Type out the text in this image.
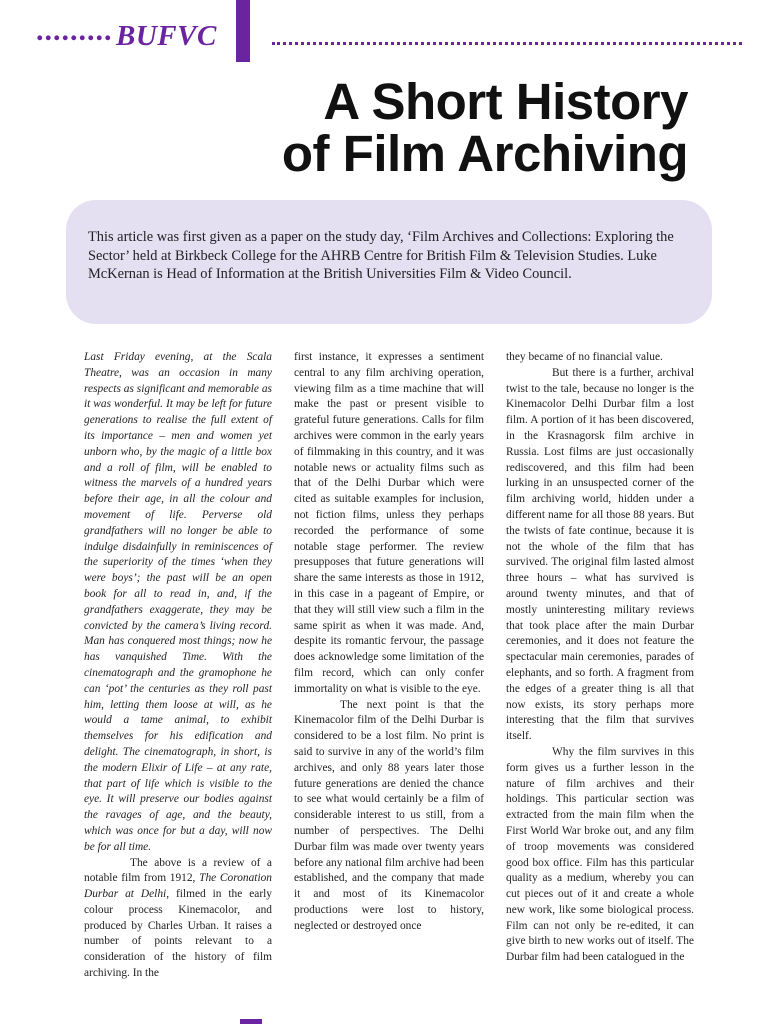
......... BUFVC
A Short History
of Film Archiving
This article was first given as a paper on the study day, ‘Film Archives and Collections: Exploring the Sector’ held at Birkbeck College for the AHRB Centre for British Film & Television Studies. Luke McKernan is Head of Information at the British Universities Film & Video Council.

Last Friday evening, at the Scala Theatre, was an occasion in many respects as significant and memorable as it was wonderful. It may be left for future generations to realise the full extent of its importance – men and women yet unborn who, by the magic of a little box and a roll of film, will be enabled to witness the marvels of a hundred years before their age, in all the colour and movement of life. Perverse old grandfathers will no longer be able to indulge disdainfully in reminiscences of the superiority of the times ‘when they were boys’; the past will be an open book for all to read in, and, if the grandfathers exaggerate, they may be convicted by the camera’s living record. Man has conquered most things; now he has vanquished Time. With the cinematograph and the gramophone he can ‘pot’ the centuries as they roll past him, letting them loose at will, as he would a tame animal, to exhibit themselves for his edification and delight. The cinematograph, in short, is the modern Elixir of Life – at any rate, that part of life which is visible to the eye. It will preserve our bodies against the ravages of age, and the beauty, which was once for but a day, will now be for all time.

The above is a review of a notable film from 1912, The Coronation Durbar at Delhi, filmed in the early colour process Kinemacolor, and produced by Charles Urban. It raises a number of points relevant to a consideration of the history of film archiving. In the

first instance, it expresses a sentiment central to any film archiving operation, viewing film as a time machine that will make the past or present visible to grateful future generations. Calls for film archives were common in the early years of filmmaking in this country, and it was notable news or actuality films such as that of the Delhi Durbar which were cited as suitable examples for inclusion, not fiction films, unless they perhaps recorded the performance of some notable stage performer. The review presupposes that future generations will share the same interests as those in 1912, in this case in a pageant of Empire, or that they will still view such a film in the same spirit as when it was made. And, despite its romantic fervour, the passage does acknowledge some limitation of the film record, which can only confer immortality on what is visible to the eye.

The next point is that the Kinemacolor film of the Delhi Durbar is considered to be a lost film. No print is said to survive in any of the world’s film archives, and only 88 years later those future generations are denied the chance to see what would certainly be a film of considerable interest to us still, from a number of perspectives. The Delhi Durbar film was made over twenty years before any national film archive had been established, and the company that made it and most of its Kinemacolor productions were lost to history, neglected or destroyed once

they became of no financial value.

But there is a further, archival twist to the tale, because no longer is the Kinemacolor Delhi Durbar film a lost film. A portion of it has been discovered, in the Krasnagorsk film archive in Russia. Lost films are just occasionally rediscovered, and this film had been lurking in an unsuspected corner of the film archiving world, hidden under a different name for all those 88 years. But the twists of fate continue, because it is not the whole of the film that has survived. The original film lasted almost three hours – what has survived is around twenty minutes, and that of mostly uninteresting military reviews that took place after the main Durbar ceremonies, and it does not feature the spectacular main ceremonies, parades of elephants, and so forth. A fragment from the edges of a greater thing is all that now exists, its story perhaps more interesting that the film that survives itself.

Why the film survives in this form gives us a further lesson in the nature of film archives and their holdings. This particular section was extracted from the main film when the First World War broke out, and any film of troop movements was considered good box office. Film has this particular quality as a medium, whereby you can cut pieces out of it and create a whole new work, like some biological process. Film can not only be re-edited, it can give birth to new works out of itself. The Durbar film had been catalogued in the
